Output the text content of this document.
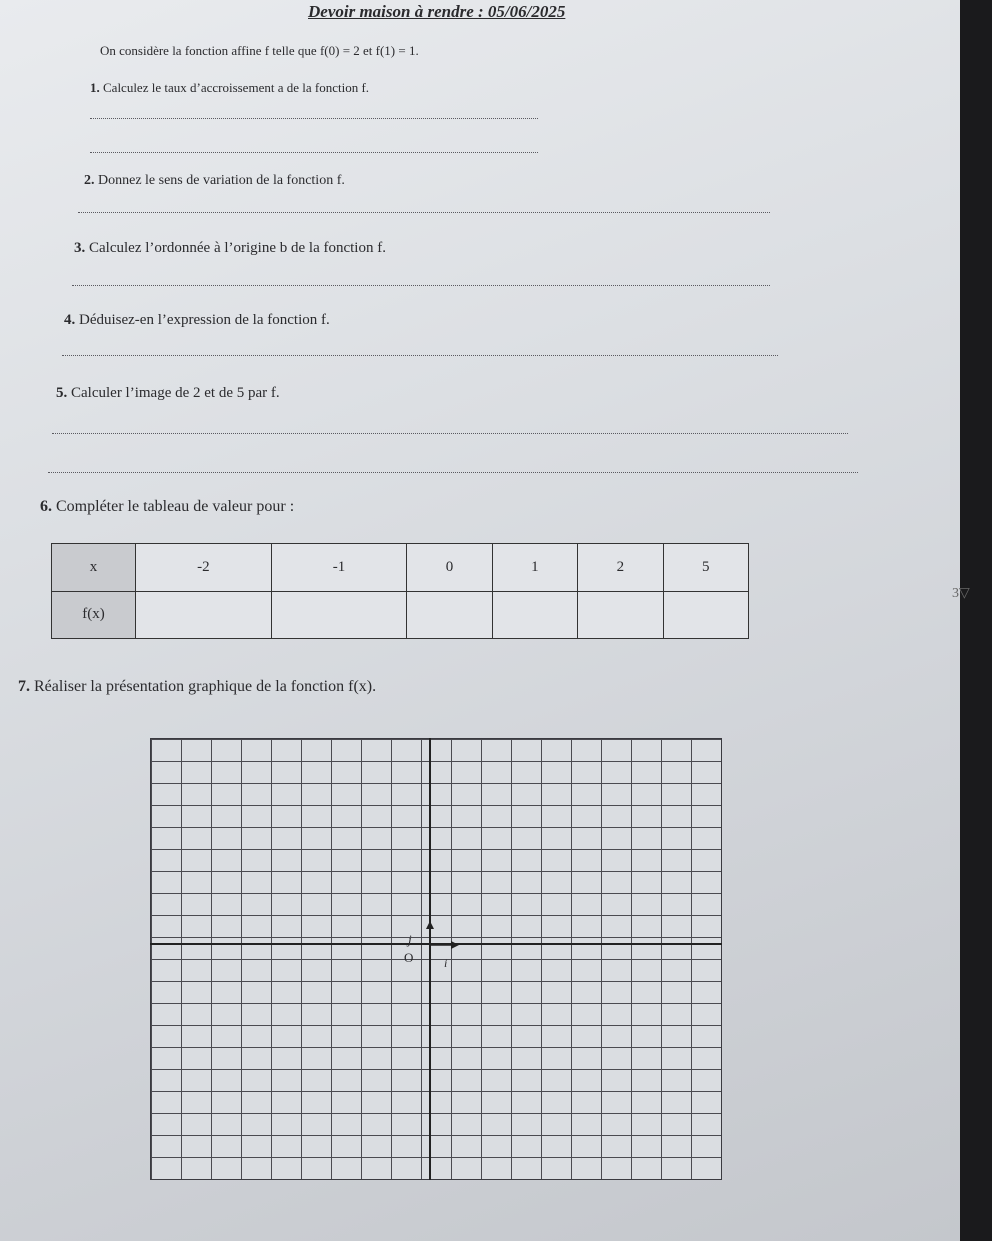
Devoir maison à rendre : 05/06/2025
On considère la fonction affine f telle que f(0) = 2 et f(1) = 1.
1. Calculez le taux d’accroissement a de la fonction f.
2. Donnez le sens de variation de la fonction f.
3. Calculez l’ordonnée à l’origine b de la fonction f.
4. Déduisez-en l’expression de la fonction f.
5. Calculer l’image de 2 et de 5 par f.
6. Compléter le tableau de valeur pour :
x	-2	-1	0	1	2	5
f(x)						
7. Réaliser la présentation graphique de la fonction f(x).
j
O	i
3▽
